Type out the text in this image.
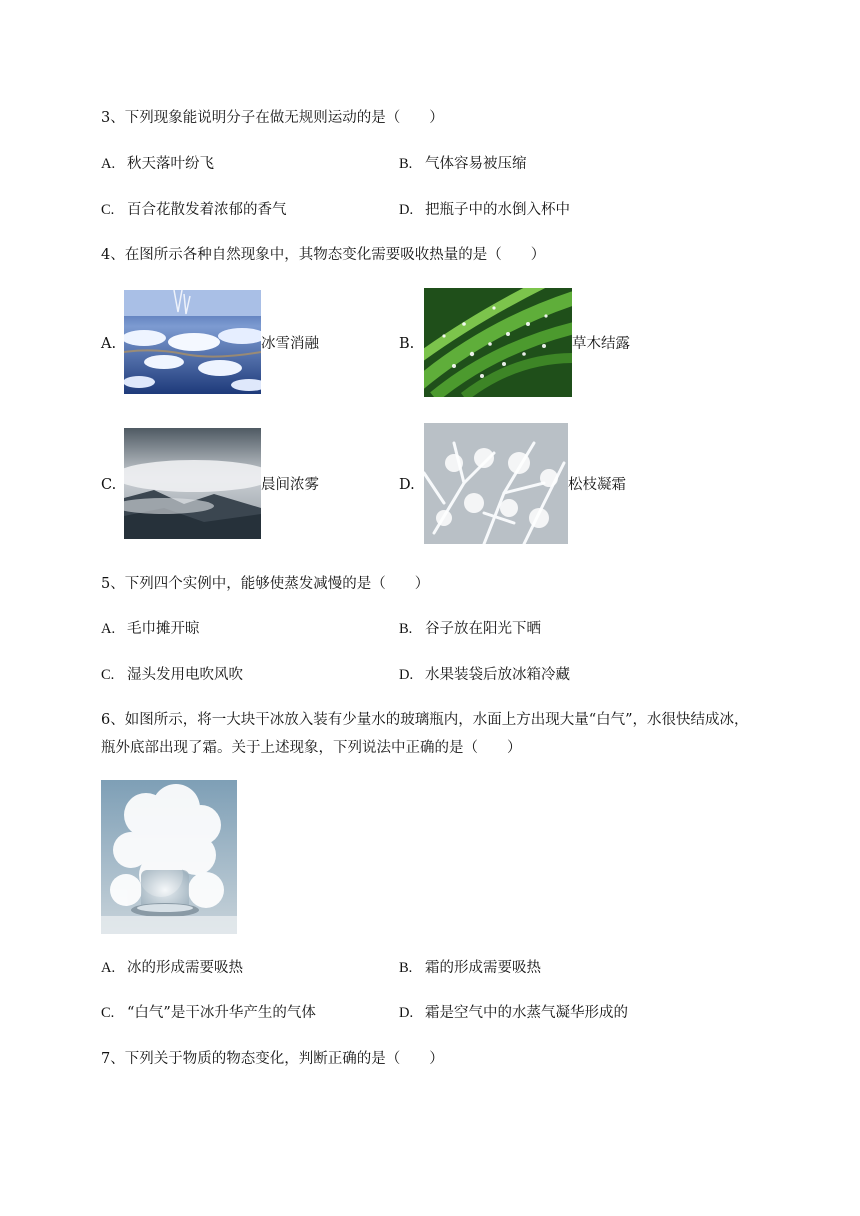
3、下列现象能说明分子在做无规则运动的是（　　）
A. 秋天落叶纷飞	B. 气体容易被压缩
C. 百合花散发着浓郁的香气	D. 把瓶子中的水倒入杯中
4、在图所示各种自然现象中，其物态变化需要吸收热量的是（　　）
A.	冰雪消融	B.	草木结露
C.	晨间浓雾	D.	松枝凝霜
5、下列四个实例中，能够使蒸发减慢的是（　　）
A. 毛巾摊开晾	B. 谷子放在阳光下晒
C. 湿头发用电吹风吹	D. 水果装袋后放冰箱冷藏
6、如图所示，将一大块干冰放入装有少量水的玻璃瓶内，水面上方出现大量“白气”，水很快结成冰，
瓶外底部出现了霜。关于上述现象，下列说法中正确的是（　　）
A. 冰的形成需要吸热	B. 霜的形成需要吸热
C. “白气”是干冰升华产生的气体	D. 霜是空气中的水蒸气凝华形成的
7、下列关于物质的物态变化，判断正确的是（　　）
